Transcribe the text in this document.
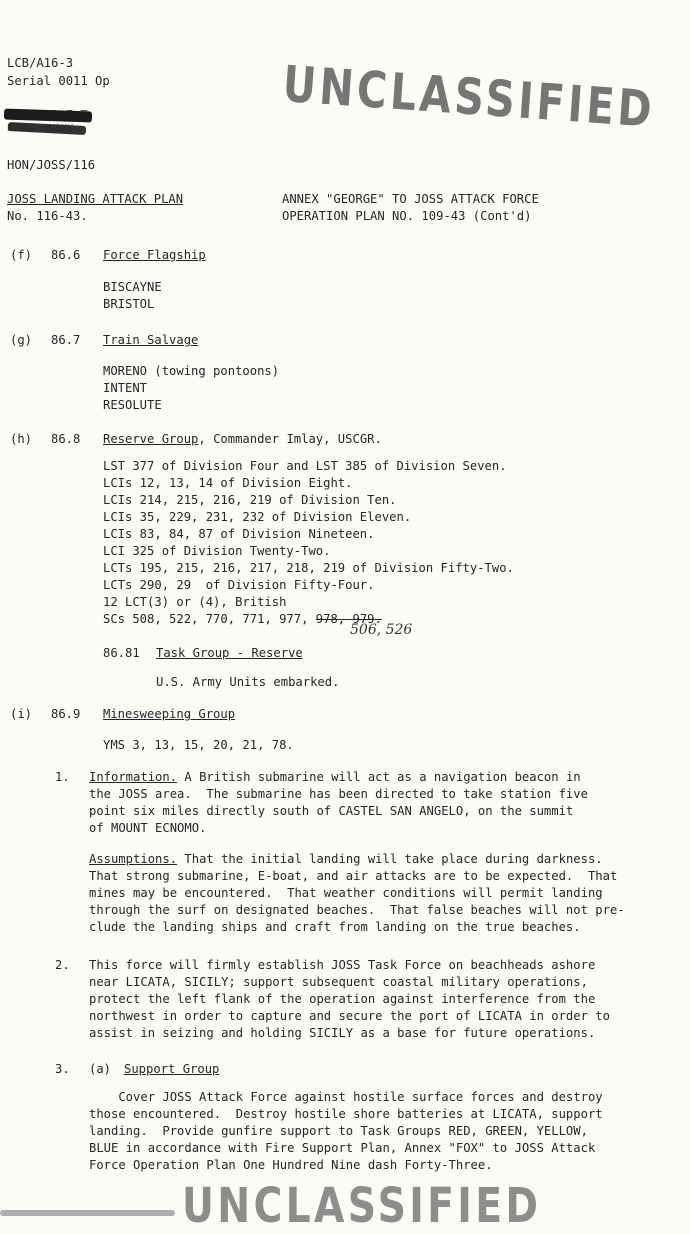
LCB/A16-3
Serial 0011 Op	UNCLASSIFIED
HON/JOSS/116
JOSS LANDING ATTACK PLAN
No. 116-43.
ANNEX "GEORGE" TO JOSS ATTACK FORCE
OPERATION PLAN NO. 109-43 (Cont'd)
(f) 86.6 Force Flagship
BISCAYNE
BRISTOL
(g) 86.7 Train Salvage
MORENO (towing pontoons)
INTENT
RESOLUTE
(h) 86.8 Reserve Group, Commander Imlay, USCGR.
LST 377 of Division Four and LST 385 of Division Seven.
LCIs 12, 13, 14 of Division Eight.
LCIs 214, 215, 216, 219 of Division Ten.
LCIs 35, 229, 231, 232 of Division Eleven.
LCIs 83, 84, 87 of Division Nineteen.
LCI 325 of Division Twenty-Two.
LCTs 195, 215, 216, 217, 218, 219 of Division Fifty-Two.
LCTs 290, 29  of Division Fifty-Four.
12 LCT(3) or (4), British
SCs 508, 522, 770, 771, 977, 978, 979.
506, 526
86.81 Task Group - Reserve
U.S. Army Units embarked.
(i) 86.9 Minesweeping Group
YMS 3, 13, 15, 20, 21, 78.
1. Information. A British submarine will act as a navigation beacon in
the JOSS area.  The submarine has been directed to take station five
point six miles directly south of CASTEL SAN ANGELO, on the summit
of MOUNT ECNOMO.
Assumptions. That the initial landing will take place during darkness.
That strong submarine, E-boat, and air attacks are to be expected.  That
mines may be encountered.  That weather conditions will permit landing
through the surf on designated beaches.  That false beaches will not pre-
clude the landing ships and craft from landing on the true beaches.
2. This force will firmly establish JOSS Task Force on beachheads ashore
near LICATA, SICILY; support subsequent coastal military operations,
protect the left flank of the operation against interference from the
northwest in order to capture and secure the port of LICATA in order to
assist in seizing and holding SICILY as a base for future operations.
3. (a) Support Group
Cover JOSS Attack Force against hostile surface forces and destroy
those encountered.  Destroy hostile shore batteries at LICATA, support
landing.  Provide gunfire support to Task Groups RED, GREEN, YELLOW,
BLUE in accordance with Fire Support Plan, Annex "FOX" to JOSS Attack
Force Operation Plan One Hundred Nine dash Forty-Three.
UNCLASSIFIED
